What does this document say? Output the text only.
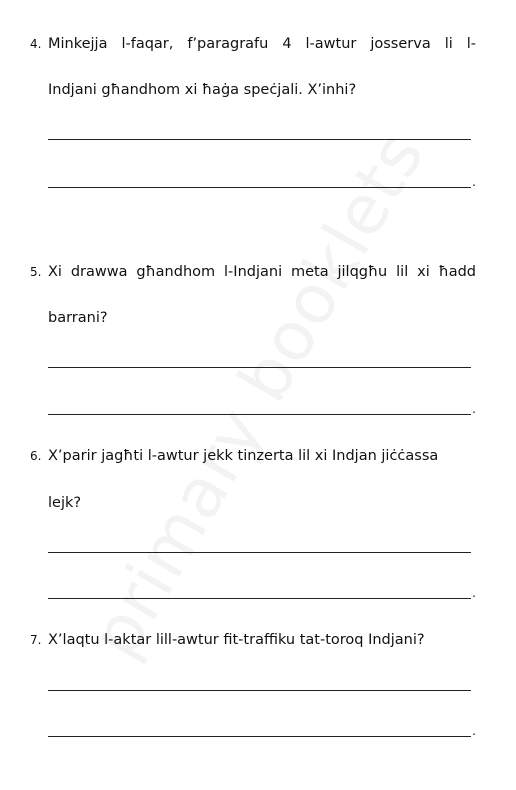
4. Minkejja l-faqar, f’paragrafu 4 l-awtur josserva li l-
Indjani għandhom xi ħaġa speċjali. X’inhi?
.
5. Xi drawwa għandhom l-Indjani meta jilqgħu lil xi ħadd
barrani?
.
6. X’parir jagħti l-awtur jekk tinzerta lil xi Indjan jiċċassa
lejk?
.
7. X’laqtu l-aktar lill-awtur fit-traffiku tat-toroq Indjani?
.
